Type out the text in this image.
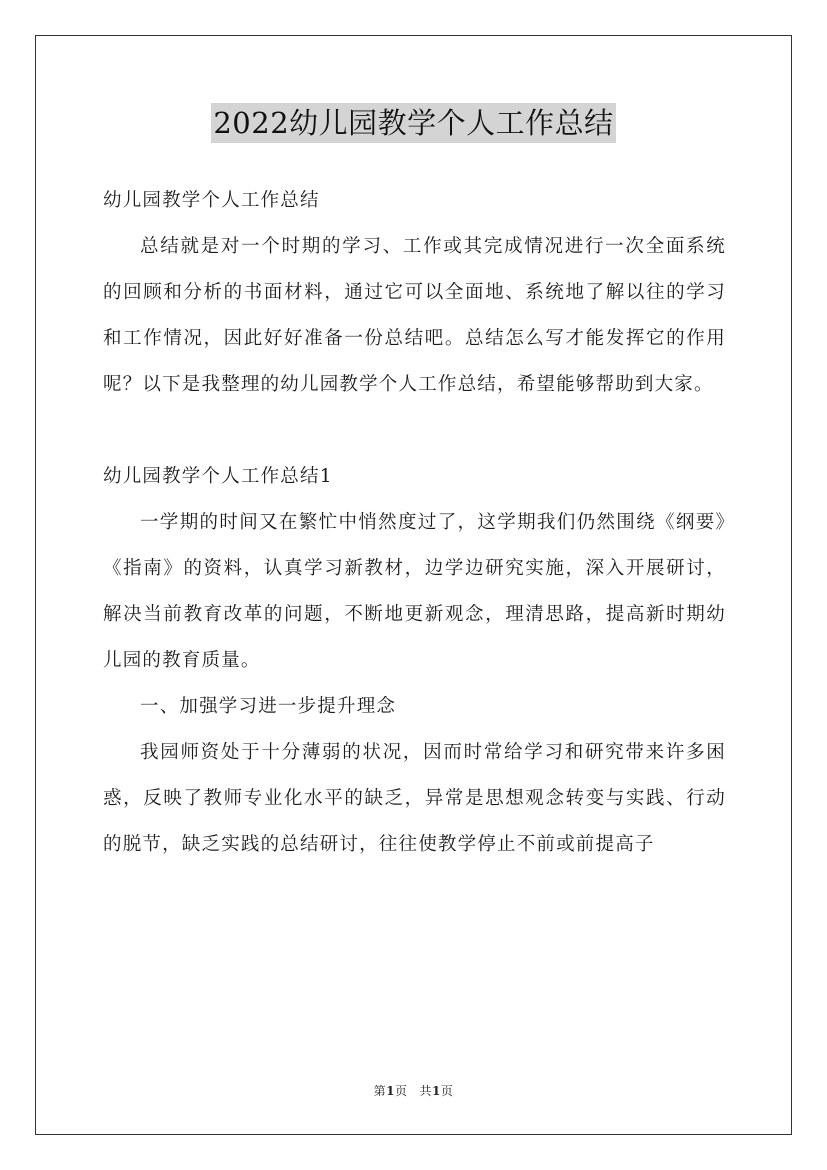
2022幼儿园教学个人工作总结

幼儿园教学个人工作总结

总结就是对一个时期的学习、工作或其完成情况进行一次全面系统的回顾和分析的书面材料，通过它可以全面地、系统地了解以往的学习和工作情况，因此好好准备一份总结吧。总结怎么写才能发挥它的作用呢？以下是我整理的幼儿园教学个人工作总结，希望能够帮助到大家。

幼儿园教学个人工作总结1

一学期的时间又在繁忙中悄然度过了，这学期我们仍然围绕《纲要》《指南》的资料，认真学习新教材，边学边研究实施，深入开展研讨，解决当前教育改革的问题，不断地更新观念，理清思路，提高新时期幼儿园的教育质量。

一、加强学习进一步提升理念

我园师资处于十分薄弱的状况，因而时常给学习和研究带来许多困惑，反映了教师专业化水平的缺乏，异常是思想观念转变与实践、行动的脱节，缺乏实践的总结研讨，往往使教学停止不前或前提高子

第1页 共1页
